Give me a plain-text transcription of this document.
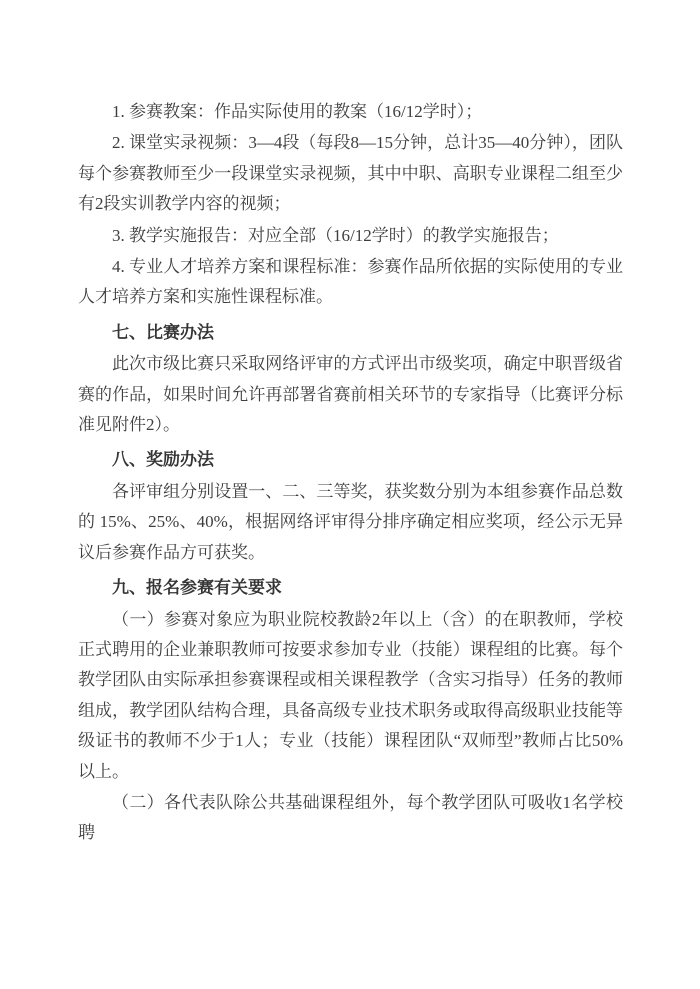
1. 参赛教案：作品实际使用的教案（16/12学时）；

2. 课堂实录视频：3—4段（每段8—15分钟，总计35—40分钟），团队每个参赛教师至少一段课堂实录视频，其中中职、高职专业课程二组至少有2段实训教学内容的视频；

3. 教学实施报告：对应全部（16/12学时）的教学实施报告；

4. 专业人才培养方案和课程标准：参赛作品所依据的实际使用的专业人才培养方案和实施性课程标准。

七、比赛办法

此次市级比赛只采取网络评审的方式评出市级奖项，确定中职晋级省赛的作品，如果时间允许再部署省赛前相关环节的专家指导（比赛评分标准见附件2）。

八、奖励办法

各评审组分别设置一、二、三等奖，获奖数分别为本组参赛作品总数的 15%、25%、40%，根据网络评审得分排序确定相应奖项，经公示无异议后参赛作品方可获奖。

九、报名参赛有关要求

（一）参赛对象应为职业院校教龄2年以上（含）的在职教师，学校正式聘用的企业兼职教师可按要求参加专业（技能）课程组的比赛。每个教学团队由实际承担参赛课程或相关课程教学（含实习指导）任务的教师组成，教学团队结构合理，具备高级专业技术职务或取得高级职业技能等级证书的教师不少于1人；专业（技能）课程团队“双师型”教师占比50%以上。

（二）各代表队除公共基础课程组外，每个教学团队可吸收1名学校聘
